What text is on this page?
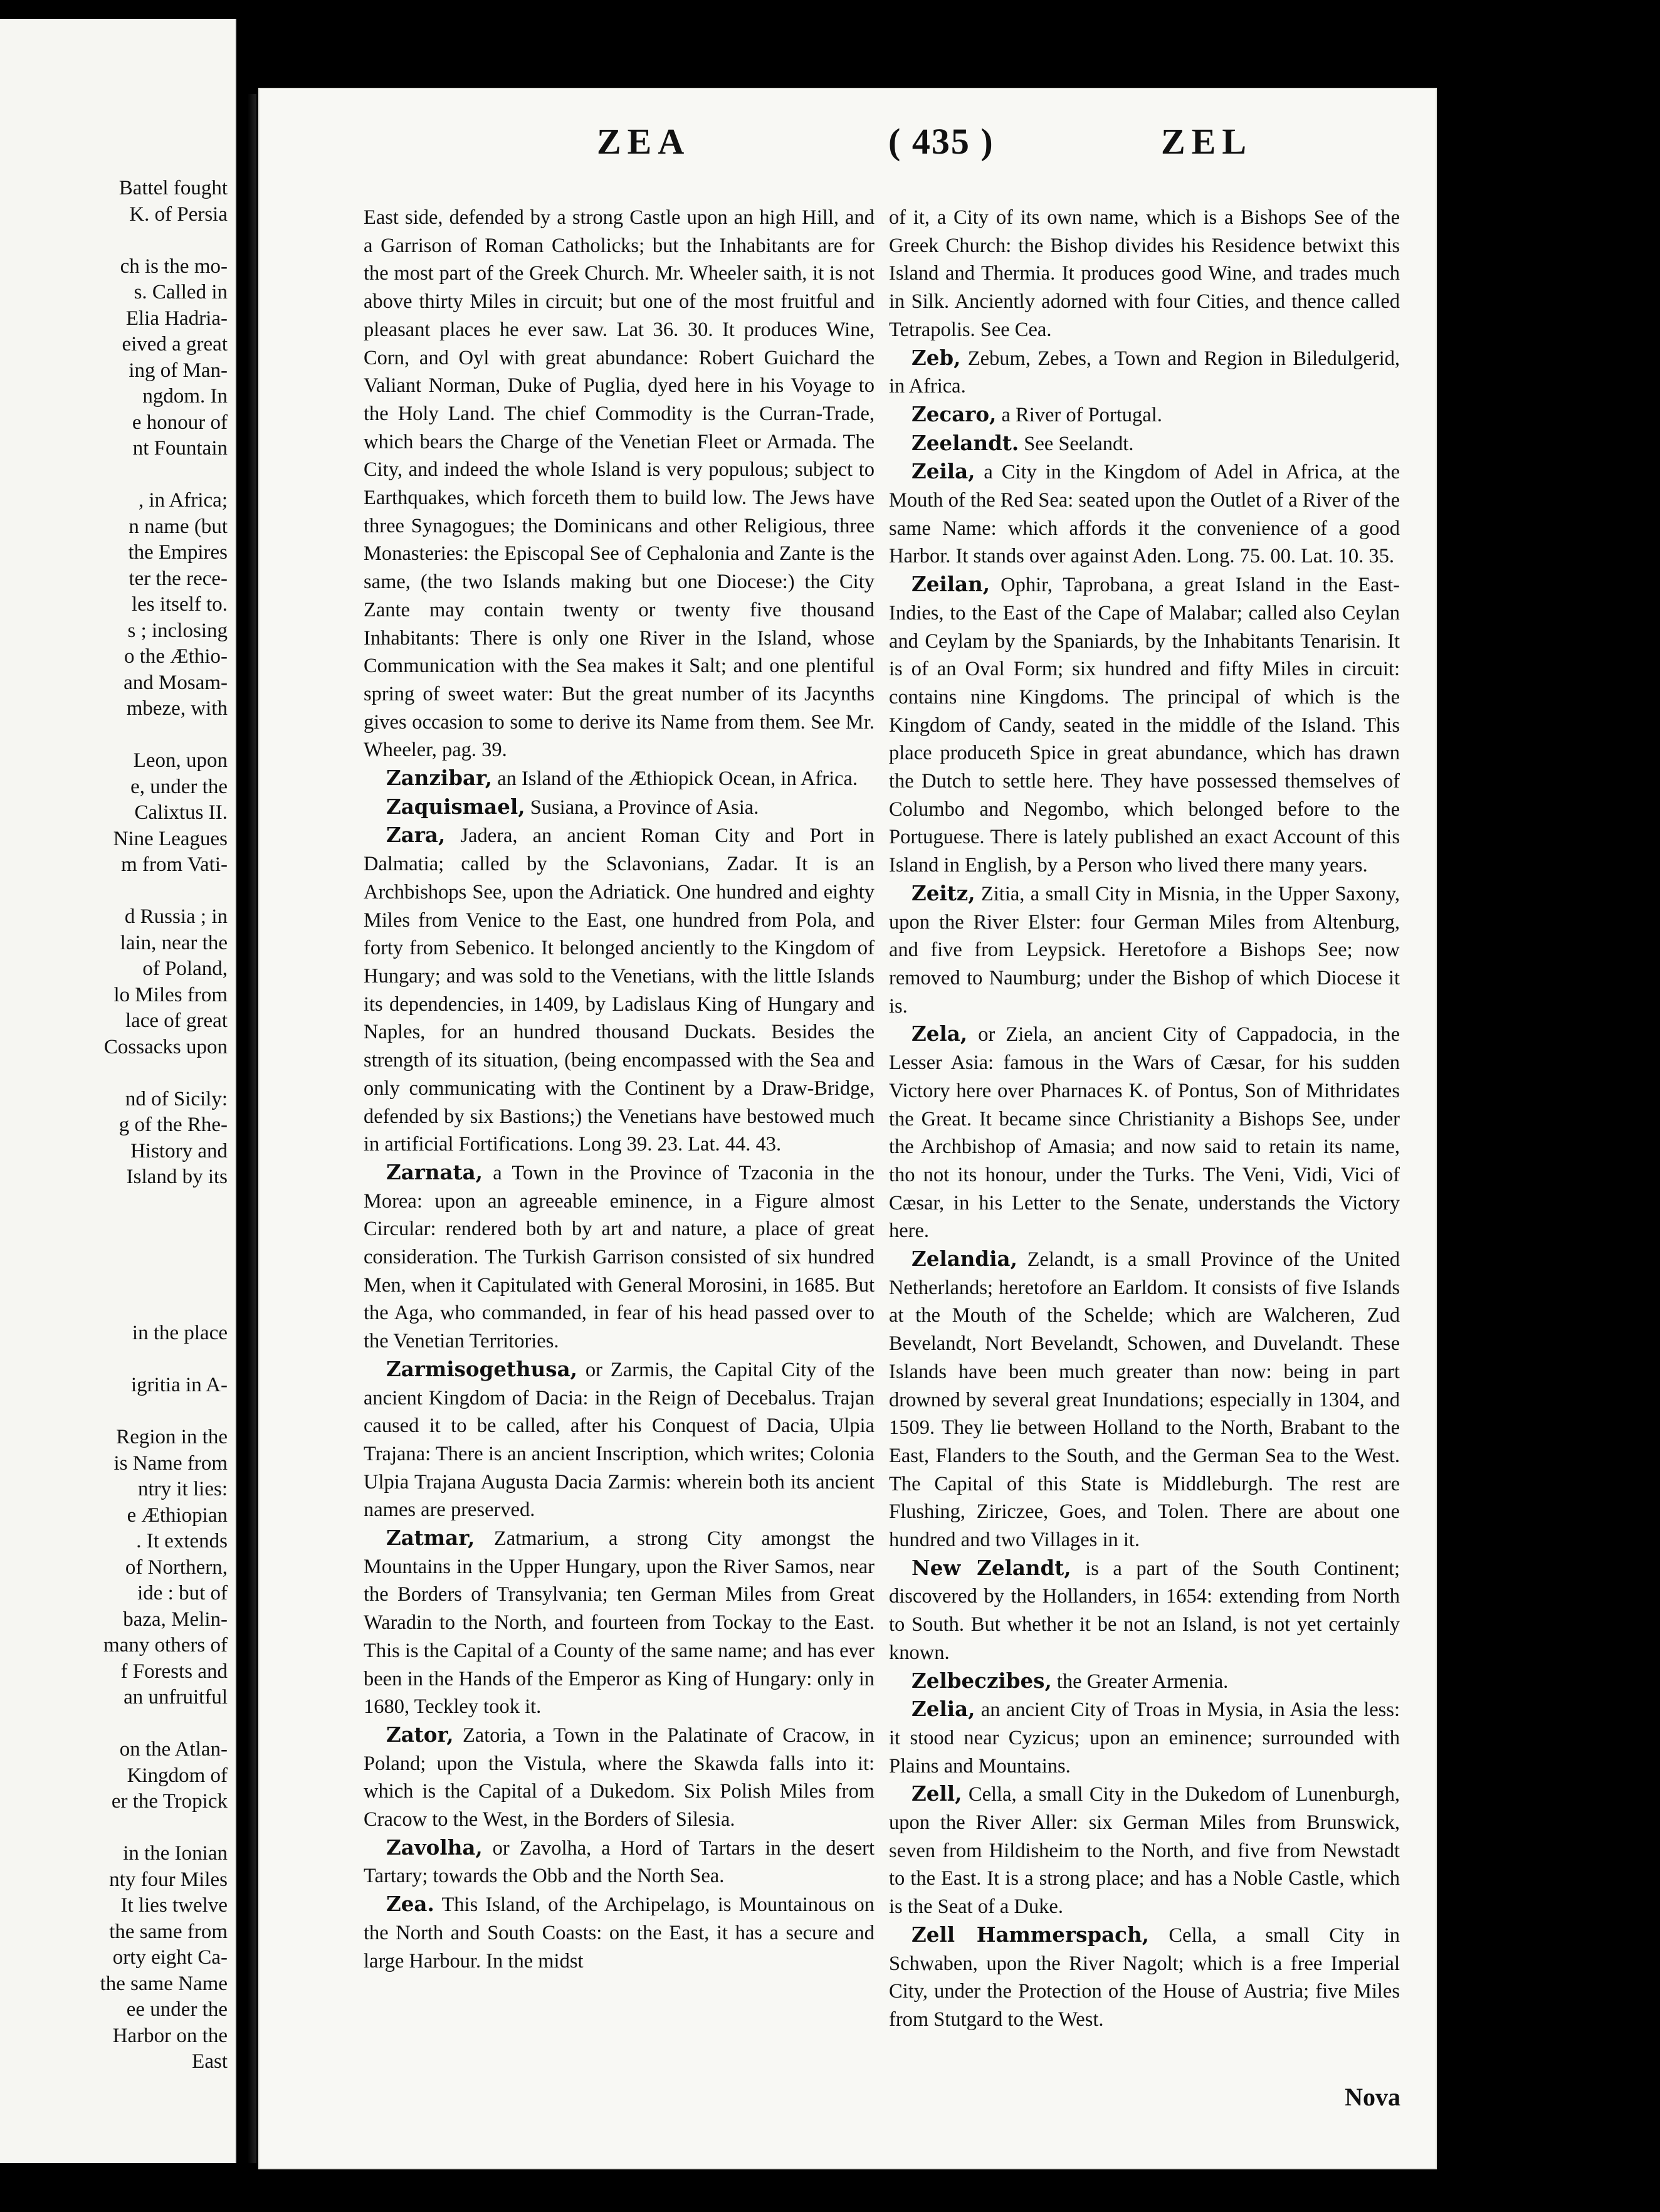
Battel fought
K. of Persia
ch is the mo-
s. Called in
Elia Hadria-
eived a great
ing of Man-
ngdom. In
e honour of
nt Fountain
, in Africa;
n name (but
the Empires
ter the rece-
les itself to.
s ; inclosing
o the Æthio-
and Mosam-
mbeze, with
Leon, upon
e, under the
Calixtus II.
Nine Leagues
m from Vati-
d Russia ; in
lain, near the
of Poland,
lo Miles from
lace of great
Cossacks upon
nd of Sicily:
g of the Rhe-
History and
Island by its
in the place
igritia in A-
Region in the
is Name from
ntry it lies:
e Æthiopian
. It extends
of Northern,
ide : but of
baza, Melin-
many others of
f Forests and
an unfruitful
on the Atlan-
Kingdom of
er the Tropick
in the Ionian
nty four Miles
It lies twelve
the same from
orty eight Ca-
the same Name
ee under the
Harbor on the
East
ZEA	( 435 )	ZEL

East side, defended by a strong Castle upon an high Hill, and a Garrison of Roman Catholicks; but the Inhabitants are for the most part of the Greek Church. Mr. Wheeler saith, it is not above thirty Miles in circuit; but one of the most fruitful and pleasant places he ever saw. Lat 36. 30. It produces Wine, Corn, and Oyl with great abundance: Robert Guichard the Valiant Norman, Duke of Puglia, dyed here in his Voyage to the Holy Land. The chief Commodity is the Curran-Trade, which bears the Charge of the Venetian Fleet or Armada. The City, and indeed the whole Island is very populous; subject to Earthquakes, which forceth them to build low. The Jews have three Synagogues; the Dominicans and other Religious, three Monasteries: the Episcopal See of Cephalonia and Zante is the same, (the two Islands making but one Diocese:) the City Zante may contain twenty or twenty five thousand Inhabitants: There is only one River in the Island, whose Communication with the Sea makes it Salt; and one plentiful spring of sweet water: But the great number of its Jacynths gives occasion to some to derive its Name from them. See Mr. Wheeler, pag. 39.

Zanzibar, an Island of the Æthiopick Ocean, in Africa.

Zaquismael, Susiana, a Province of Asia.

Zara, Jadera, an ancient Roman City and Port in Dalmatia; called by the Sclavonians, Zadar. It is an Archbishops See, upon the Adriatick. One hundred and eighty Miles from Venice to the East, one hundred from Pola, and forty from Sebenico. It belonged anciently to the Kingdom of Hungary; and was sold to the Venetians, with the little Islands its dependencies, in 1409, by Ladislaus King of Hungary and Naples, for an hundred thousand Duckats. Besides the strength of its situation, (being encompassed with the Sea and only communicating with the Continent by a Draw-Bridge, defended by six Bastions;) the Venetians have bestowed much in artificial Fortifications. Long 39. 23. Lat. 44. 43.

Zarnata, a Town in the Province of Tzaconia in the Morea: upon an agreeable eminence, in a Figure almost Circular: rendered both by art and nature, a place of great consideration. The Turkish Garrison consisted of six hundred Men, when it Capitulated with General Morosini, in 1685. But the Aga, who commanded, in fear of his head passed over to the Venetian Territories.

Zarmisogethusa, or Zarmis, the Capital City of the ancient Kingdom of Dacia: in the Reign of Decebalus. Trajan caused it to be called, after his Conquest of Dacia, Ulpia Trajana: There is an ancient Inscription, which writes; Colonia Ulpia Trajana Augusta Dacia Zarmis: wherein both its ancient names are preserved.

Zatmar, Zatmarium, a strong City amongst the Mountains in the Upper Hungary, upon the River Samos, near the Borders of Transylvania; ten German Miles from Great Waradin to the North, and fourteen from Tockay to the East. This is the Capital of a County of the same name; and has ever been in the Hands of the Emperor as King of Hungary: only in 1680, Teckley took it.

Zator, Zatoria, a Town in the Palatinate of Cracow, in Poland; upon the Vistula, where the Skawda falls into it: which is the Capital of a Dukedom. Six Polish Miles from Cracow to the West, in the Borders of Silesia.

Zavolha, or Zavolha, a Hord of Tartars in the desert Tartary; towards the Obb and the North Sea.

Zea. This Island, of the Archipelago, is Mountainous on the North and South Coasts: on the East, it has a secure and large Harbour. In the midst

of it, a City of its own name, which is a Bishops See of the Greek Church: the Bishop divides his Residence betwixt this Island and Thermia. It produces good Wine, and trades much in Silk. Anciently adorned with four Cities, and thence called Tetrapolis. See Cea.

Zeb, Zebum, Zebes, a Town and Region in Biledulgerid, in Africa.

Zecaro, a River of Portugal.

Zeelandt. See Seelandt.

Zeila, a City in the Kingdom of Adel in Africa, at the Mouth of the Red Sea: seated upon the Outlet of a River of the same Name: which affords it the convenience of a good Harbor. It stands over against Aden. Long. 75. 00. Lat. 10. 35.

Zeilan, Ophir, Taprobana, a great Island in the East-Indies, to the East of the Cape of Malabar; called also Ceylan and Ceylam by the Spaniards, by the Inhabitants Tenarisin. It is of an Oval Form; six hundred and fifty Miles in circuit: contains nine Kingdoms. The principal of which is the Kingdom of Candy, seated in the middle of the Island. This place produceth Spice in great abundance, which has drawn the Dutch to settle here. They have possessed themselves of Columbo and Negombo, which belonged before to the Portuguese. There is lately published an exact Account of this Island in English, by a Person who lived there many years.

Zeitz, Zitia, a small City in Misnia, in the Upper Saxony, upon the River Elster: four German Miles from Altenburg, and five from Leypsick. Heretofore a Bishops See; now removed to Naumburg; under the Bishop of which Diocese it is.

Zela, or Ziela, an ancient City of Cappadocia, in the Lesser Asia: famous in the Wars of Cæsar, for his sudden Victory here over Pharnaces K. of Pontus, Son of Mithridates the Great. It became since Christianity a Bishops See, under the Archbishop of Amasia; and now said to retain its name, tho not its honour, under the Turks. The Veni, Vidi, Vici of Cæsar, in his Letter to the Senate, understands the Victory here.

Zelandia, Zelandt, is a small Province of the United Netherlands; heretofore an Earldom. It consists of five Islands at the Mouth of the Schelde; which are Walcheren, Zud Bevelandt, Nort Bevelandt, Schowen, and Duvelandt. These Islands have been much greater than now: being in part drowned by several great Inundations; especially in 1304, and 1509. They lie between Holland to the North, Brabant to the East, Flanders to the South, and the German Sea to the West. The Capital of this State is Middleburgh. The rest are Flushing, Ziriczee, Goes, and Tolen. There are about one hundred and two Villages in it.

New Zelandt, is a part of the South Continent; discovered by the Hollanders, in 1654: extending from North to South. But whether it be not an Island, is not yet certainly known.

Zelbeczibes, the Greater Armenia.

Zelia, an ancient City of Troas in Mysia, in Asia the less: it stood near Cyzicus; upon an eminence; surrounded with Plains and Mountains.

Zell, Cella, a small City in the Dukedom of Lunenburgh, upon the River Aller: six German Miles from Brunswick, seven from Hildisheim to the North, and five from Newstadt to the East. It is a strong place; and has a Noble Castle, which is the Seat of a Duke.

Zell Hammerspach, Cella, a small City in Schwaben, upon the River Nagolt; which is a free Imperial City, under the Protection of the House of Austria; five Miles from Stutgard to the West.

Nova
